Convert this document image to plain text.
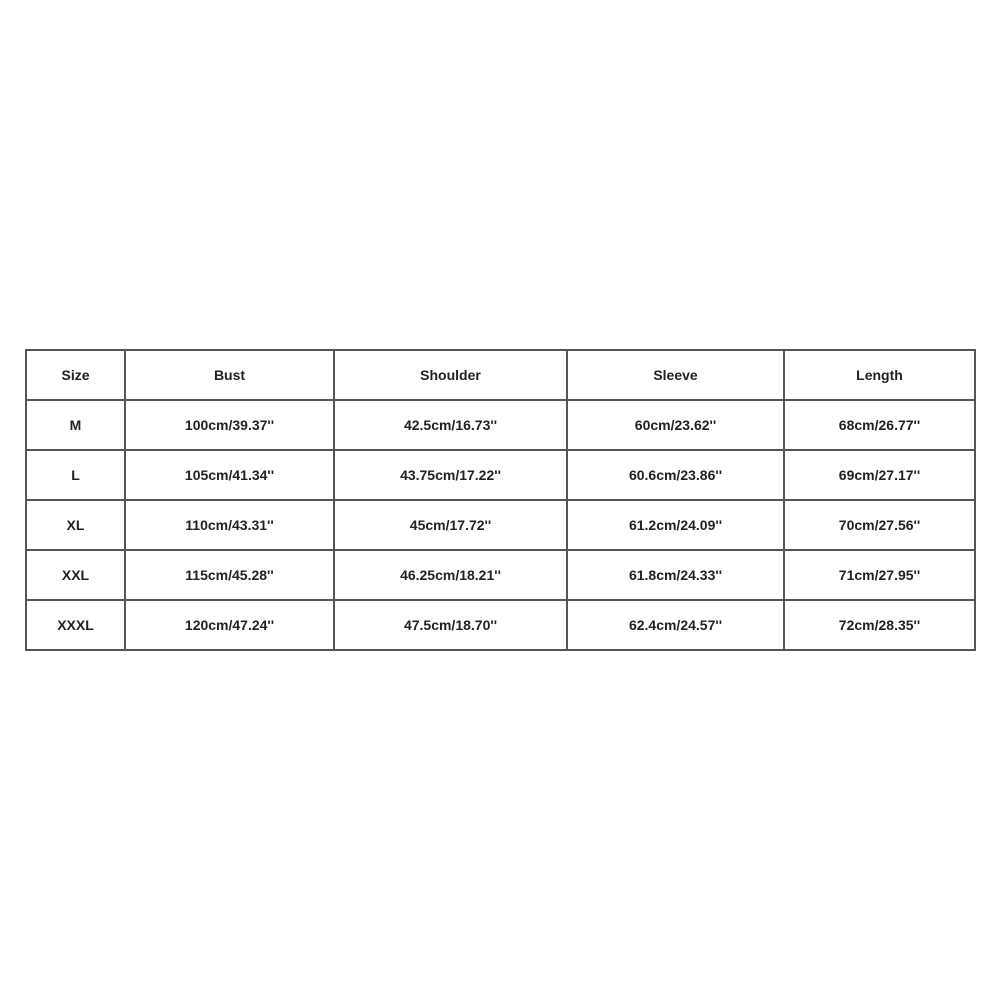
Size	Bust	Shoulder	Sleeve	Length
M	100cm/39.37''	42.5cm/16.73''	60cm/23.62''	68cm/26.77''
L	105cm/41.34''	43.75cm/17.22''	60.6cm/23.86''	69cm/27.17''
XL	110cm/43.31''	45cm/17.72''	61.2cm/24.09''	70cm/27.56''
XXL	115cm/45.28''	46.25cm/18.21''	61.8cm/24.33''	71cm/27.95''
XXXL	120cm/47.24''	47.5cm/18.70''	62.4cm/24.57''	72cm/28.35''
